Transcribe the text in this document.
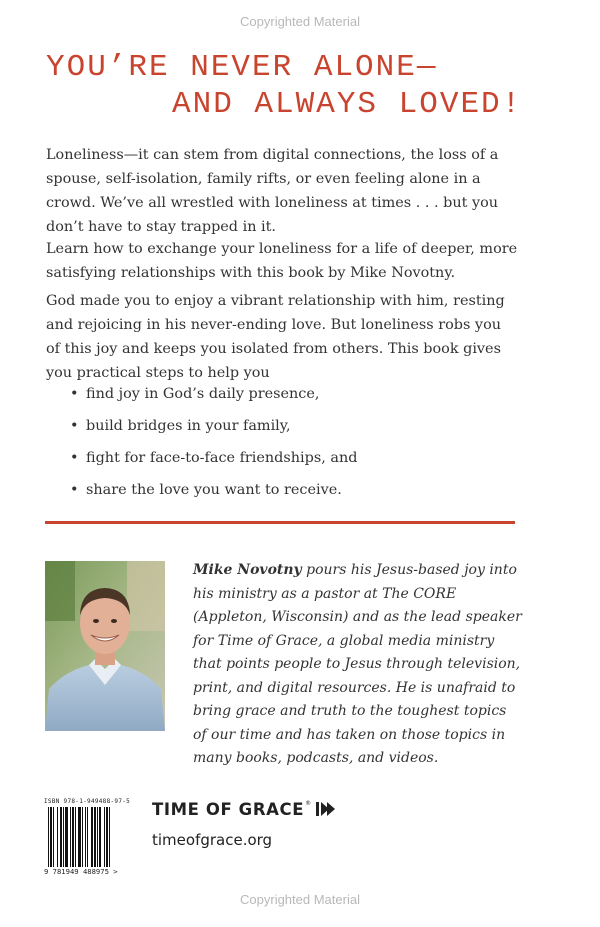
Copyrighted Material
YOU’RE NEVER ALONE—
AND ALWAYS LOVED!
Loneliness—it can stem from digital connections, the loss of a spouse, self-isolation, family rifts, or even feeling alone in a crowd. We’ve all wrestled with loneliness at times . . . but you don’t have to stay trapped in it.
Learn how to exchange your loneliness for a life of deeper, more satisfying relationships with this book by Mike Novotny.
God made you to enjoy a vibrant relationship with him, resting and rejoicing in his never-ending love. But loneliness robs you of this joy and keeps you isolated from others. This book gives you practical steps to help you
• find joy in God’s daily presence,
• build bridges in your family,
• fight for face-to-face friendships, and
• share the love you want to receive.
Mike Novotny pours his Jesus-based joy into his ministry as a pastor at The CORE (Appleton, Wisconsin) and as the lead speaker for Time of Grace, a global media ministry that points people to Jesus through television, print, and digital resources. He is unafraid to bring grace and truth to the toughest topics of our time and has taken on those topics in many books, podcasts, and videos.
ISBN 978-1-949488-97-5
9 781949 488975 >
TIME OF GRACE ®
timeofgrace.org
Copyrighted Material
